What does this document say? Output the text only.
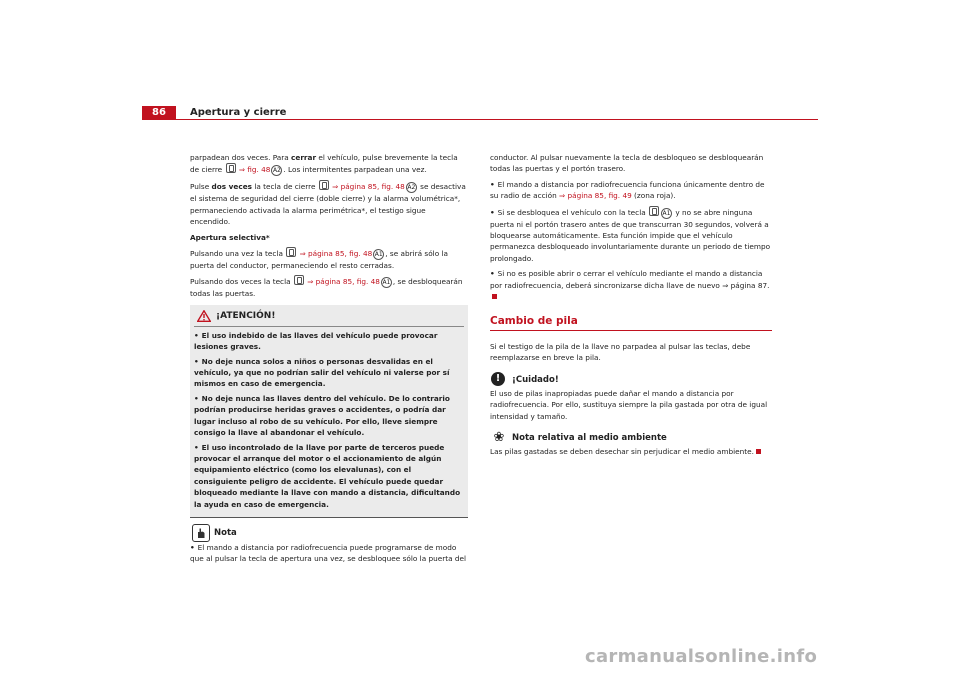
86	Apertura y cierre

parpadean dos veces. Para cerrar el vehículo, pulse brevemente la tecla de cierre  ⇒ fig. 48 A2 . Los intermitentes parpadean una vez.

Pulse dos veces la tecla de cierre  ⇒ página 85, fig. 48 A2 se desactiva el sistema de seguridad del cierre (doble cierre) y la alarma volumétrica*, permaneciendo activada la alarma perimétrica*, el testigo sigue encendido.

Apertura selectiva*

Pulsando una vez la tecla  ⇒ página 85, fig. 48 A1 , se abrirá sólo la puerta del conductor, permaneciendo el resto cerradas.

Pulsando dos veces la tecla  ⇒ página 85, fig. 48 A1 , se desbloquearán todas las puertas.

¡ATENCIÓN!
• El uso indebido de las llaves del vehículo puede provocar lesiones graves.
• No deje nunca solos a niños o personas desvalidas en el vehículo, ya que no podrían salir del vehículo ni valerse por sí mismos en caso de emergencia.
• No deje nunca las llaves dentro del vehículo. De lo contrario podrían producirse heridas graves o accidentes, o podría dar lugar incluso al robo de su vehículo. Por ello, lleve siempre consigo la llave al abandonar el vehículo.
• El uso incontrolado de la llave por parte de terceros puede provocar el arranque del motor o el accionamiento de algún equipamiento eléctrico (como los elevalunas), con el consiguiente peligro de accidente. El vehículo puede quedar bloqueado mediante la llave con mando a distancia, dificultando la ayuda en caso de emergencia.
Nota

• El mando a distancia por radiofrecuencia puede programarse de modo que al pulsar la tecla de apertura una vez, se desbloquee sólo la puerta del

conductor. Al pulsar nuevamente la tecla de desbloqueo se desbloquearán todas las puertas y el portón trasero.

• El mando a distancia por radiofrecuencia funciona únicamente dentro de su radio de acción ⇒ página 85, fig. 49 (zona roja).

• Si se desbloquea el vehículo con la tecla A1 y no se abre ninguna puerta ni el portón trasero antes de que transcurran 30 segundos, volverá a bloquearse automáticamente. Esta función impide que el vehículo permanezca desbloqueado involuntariamente durante un periodo de tiempo prolongado.

• Si no es posible abrir o cerrar el vehículo mediante el mando a distancia por radiofrecuencia, deberá sincronizarse dicha llave de nuevo ⇒ página 87.

Cambio de pila

Si el testigo de la pila de la llave no parpadea al pulsar las teclas, debe reemplazarse en breve la pila.

!	¡Cuidado!

El uso de pilas inapropiadas puede dañar el mando a distancia por radiofrecuencia. Por ello, sustituya siempre la pila gastada por otra de igual intensidad y tamaño.

❀ Nota relativa al medio ambiente

Las pilas gastadas se deben desechar sin perjudicar el medio ambiente.

carmanualsonline.info
